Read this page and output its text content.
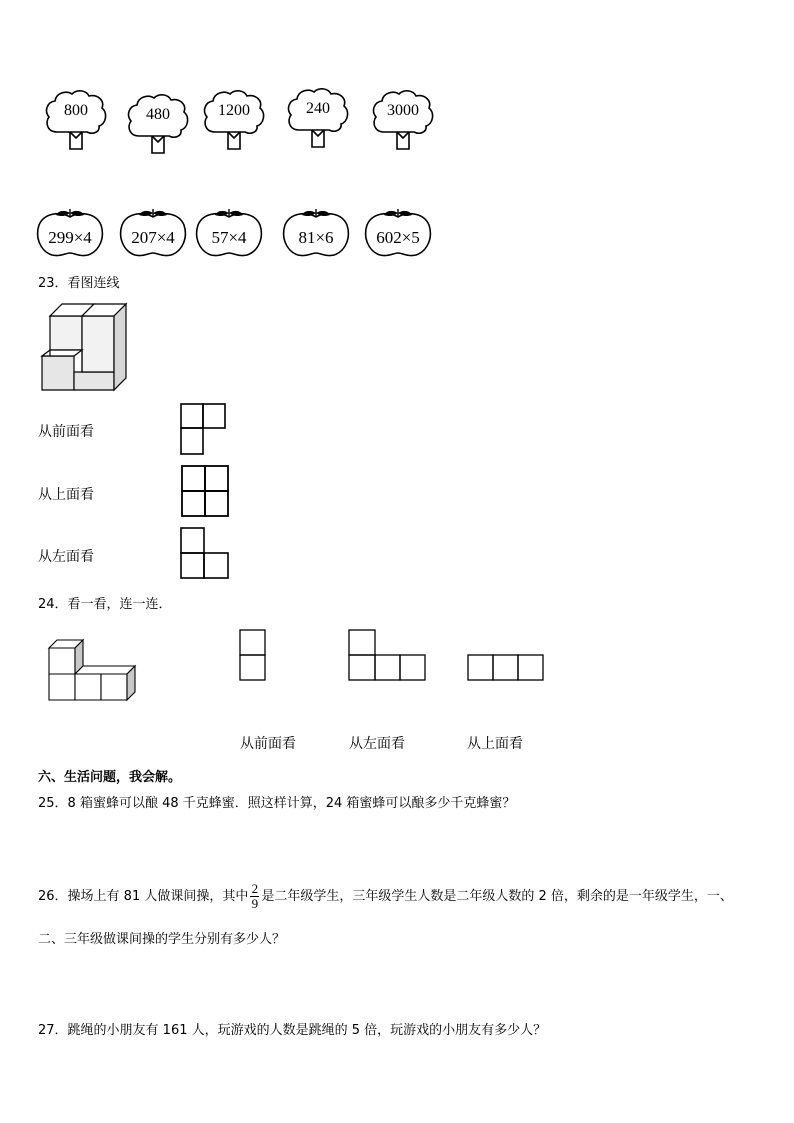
800	480	1200	240	3000
299×4	207×4	57×4	81×6	602×5
23．看图连线
从前面看
从上面看
从左面看
24．看一看，连一连．
从前面看	从左面看	从上面看
六、生活问题，我会解。
25．8 箱蜜蜂可以酿 48 千克蜂蜜．照这样计算，24 箱蜜蜂可以酿多少千克蜂蜜？
26．操场上有 81 人做课间操，其中 $\frac{2}{9}$ 是二年级学生，三年级学生人数是二年级人数的 2 倍，剩余的是一年级学生，一、
二、三年级做课间操的学生分别有多少人？
27．跳绳的小朋友有 161 人，玩游戏的人数是跳绳的 5 倍，玩游戏的小朋友有多少人？
